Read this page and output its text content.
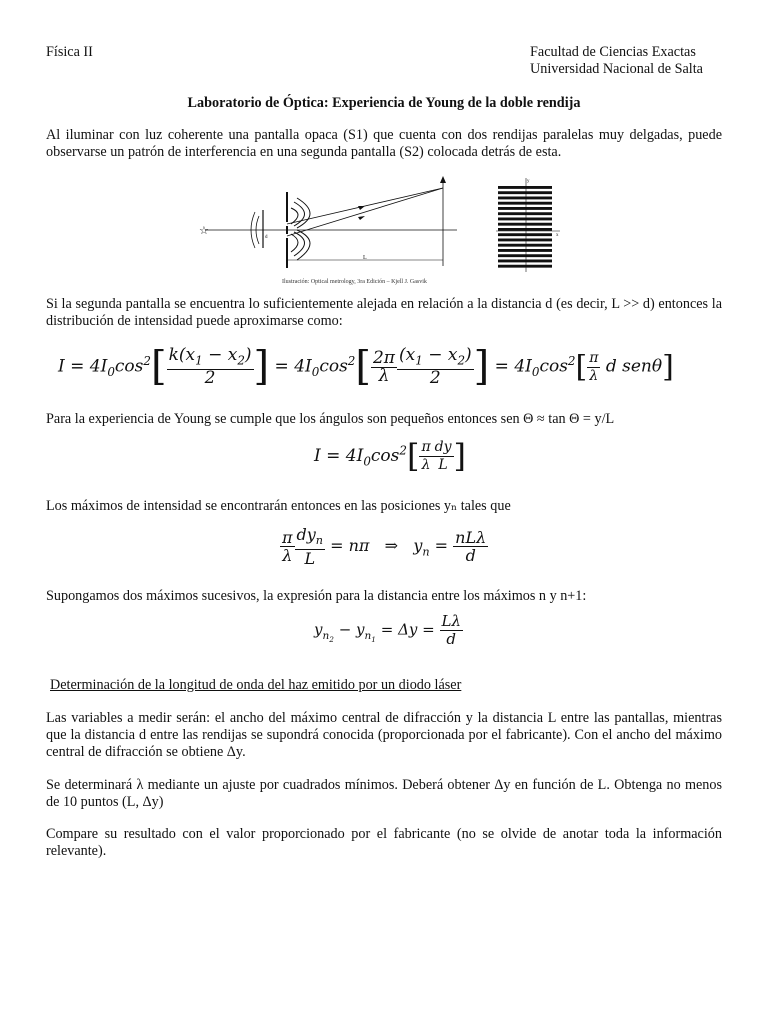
Física II	Facultad de Ciencias Exactas
Universidad Nacional de Salta
Laboratorio de Óptica: Experiencia de Young de la doble rendija
Al iluminar con luz coherente una pantalla opaca (S1) que cuenta con dos rendijas paralelas muy delgadas, puede observarse un patrón de interferencia en una segunda pantalla (S2) colocada detrás de esta.
☆
L
d
y
x
Ilustración: Optical metrology, 3ra Edición – Kjell J. Gasvik
Si la segunda pantalla se encuentra lo suficientemente alejada en relación a la distancia d (es decir, L >> d) entonces la distribución de intensidad puede aproximarse como:
$I = 4I_0\cos^2[ \frac{k(x_1 - x_2)}{2}$ ] = $4I_0\cos^2[ \frac{2\pi}{\lambda} \frac{(x_1 - x_2)}{2}$ ] = $4I_0\cos^2[ \frac{\pi}{\lambda}$ d senθ]
Para la experiencia de Young se cumple que los ángulos son pequeños entonces sen Θ ≈ tan Θ = y/L
$I = 4I_0\cos^2[ \frac{\pi}{\lambda} \frac{dy}{L}$ ]
Los máximos de intensidad se encontrarán entonces en las posiciones yₙ tales que
$\frac{\pi}{\lambda} \frac{dy_n}{L} = n\pi$   ⇒   $y_n = \frac{\text{nLλ}}{d}$
Supongamos dos máximos sucesivos, la expresión para la distancia entre los máximos n y n+1:
$y_{n_2} - y_{n_1} = \Delta y = \frac{L\lambda}{d}$
Determinación de la longitud de onda del haz emitido por un diodo láser
Las variables a medir serán: el ancho del máximo central de difracción y la distancia L entre las pantallas, mientras que la distancia d entre las rendijas se supondrá conocida (proporcionada por el fabricante). Con el ancho del máximo central de difracción se obtiene Δy.
Se determinará λ mediante un ajuste por cuadrados mínimos. Deberá obtener Δy en función de L. Obtenga no menos de 10 puntos (L, Δy)
Compare su resultado con el valor proporcionado por el fabricante (no se olvide de anotar toda la información relevante).
